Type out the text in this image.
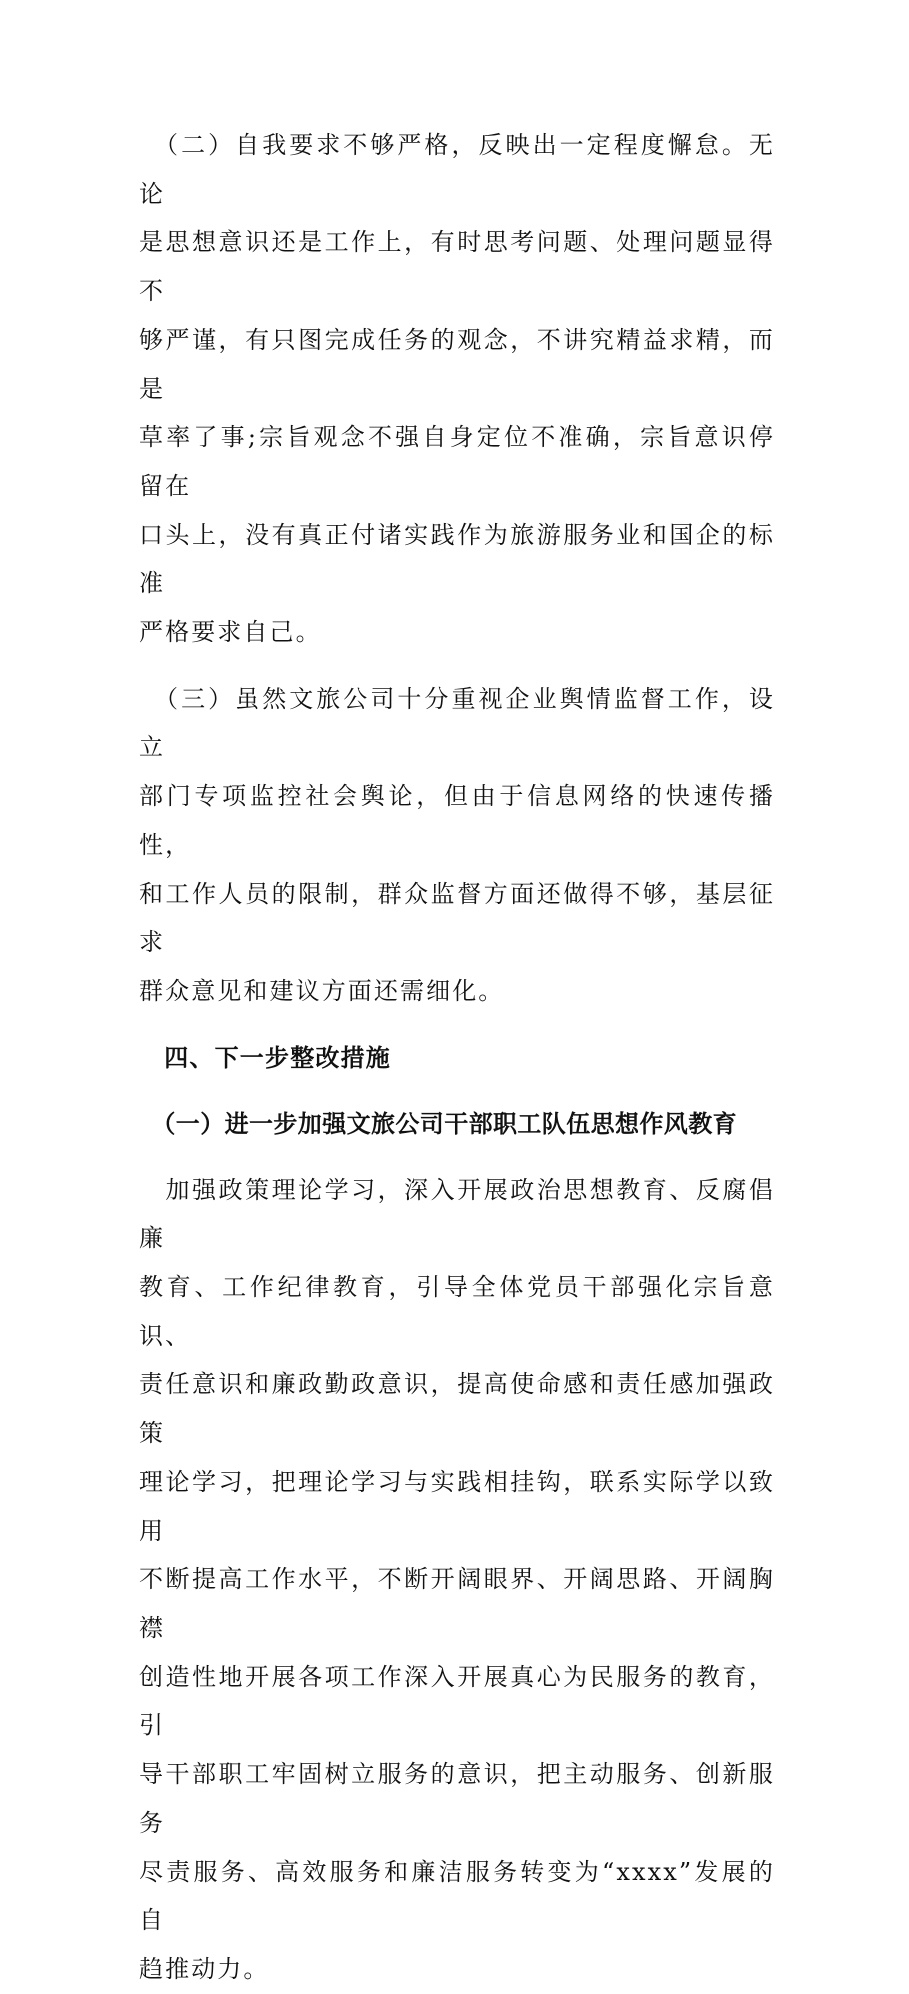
　（二）自我要求不够严格，反映出一定程度懈怠。无论
是思想意识还是工作上，有时思考问题、处理问题显得不
够严谨，有只图完成任务的观念，不讲究精益求精，而是
草率了事;宗旨观念不强自身定位不准确，宗旨意识停留在
口头上，没有真正付诸实践作为旅游服务业和国企的标准
严格要求自己。

　（三）虽然文旅公司十分重视企业舆情监督工作，设立
部门专项监控社会舆论，但由于信息网络的快速传播性，
和工作人员的限制，群众监督方面还做得不够，基层征求
群众意见和建议方面还需细化。

　四、下一步整改措施

　（一）进一步加强文旅公司干部职工队伍思想作风教育

　加强政策理论学习，深入开展政治思想教育、反腐倡廉
教育、工作纪律教育，引导全体党员干部强化宗旨意识、
责任意识和廉政勤政意识，提高使命感和责任感加强政策
理论学习，把理论学习与实践相挂钩，联系实际学以致用
不断提高工作水平，不断开阔眼界、开阔思路、开阔胸襟
创造性地开展各项工作深入开展真心为民服务的教育，引
导干部职工牢固树立服务的意识，把主动服务、创新服务
尽责服务、高效服务和廉洁服务转变为“xxxx”发展的自
趋推动力。
